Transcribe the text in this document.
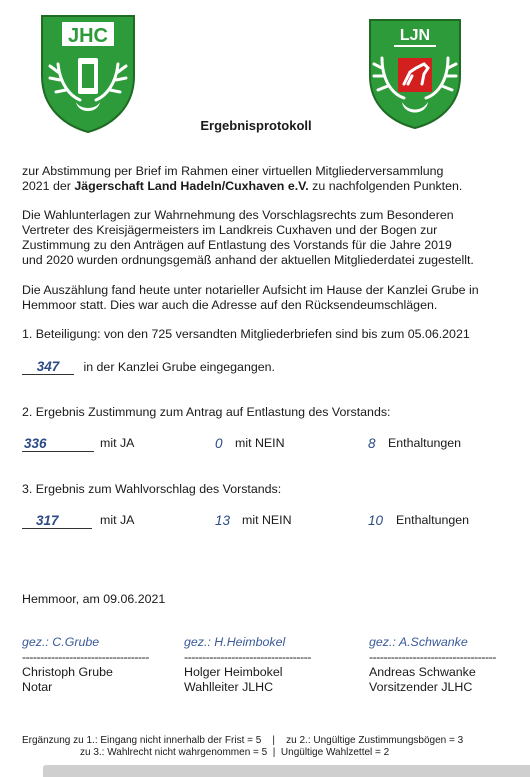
JHC	LJN
Ergebnisprotokoll
zur Abstimmung per Brief im Rahmen einer virtuellen Mitgliederversammlung
2021 der Jägerschaft Land Hadeln/Cuxhaven e.V. zu nachfolgenden Punkten.
Die Wahlunterlagen zur Wahrnehmung des Vorschlagsrechts zum Besonderen
Vertreter des Kreisjägermeisters im Landkreis Cuxhaven und der Bogen zur
Zustimmung zu den Anträgen auf Entlastung des Vorstands für die Jahre 2019
und 2020 wurden ordnungsgemäß anhand der aktuellen Mitgliederdatei zugestellt.
Die Auszählung fand heute unter notarieller Aufsicht im Hause der Kanzlei Grube in
Hemmoor statt. Dies war auch die Adresse auf den Rücksendeumschlägen.
1. Beteiligung: von den 725 versandten Mitgliederbriefen sind bis zum 05.06.2021
347 in der Kanzlei Grube eingegangen.
2. Ergebnis Zustimmung zum Antrag auf Entlastung des Vorstands:
336	mit JA	0 mit NEIN	8 Enthaltungen
3. Ergebnis zum Wahlvorschlag des Vorstands:
317	mit JA	13 mit NEIN	10 Enthaltungen
Hemmoor, am 09.06.2021
gez.: C.Grube
-----------------------------------
Christoph Grube
Notar
gez.: H.Heimbokel
-----------------------------------
Holger Heimbokel
Wahlleiter JLHC
gez.: A.Schwanke
-----------------------------------
Andreas Schwanke
Vorsitzender JLHC
Ergänzung zu 1.: Eingang nicht innerhalb der Frist = 5    |    zu 2.: Ungültige Zustimmungsbögen = 3
zu 3.: Wahlrecht nicht wahrgenommen = 5  |  Ungültige Wahlzettel = 2
